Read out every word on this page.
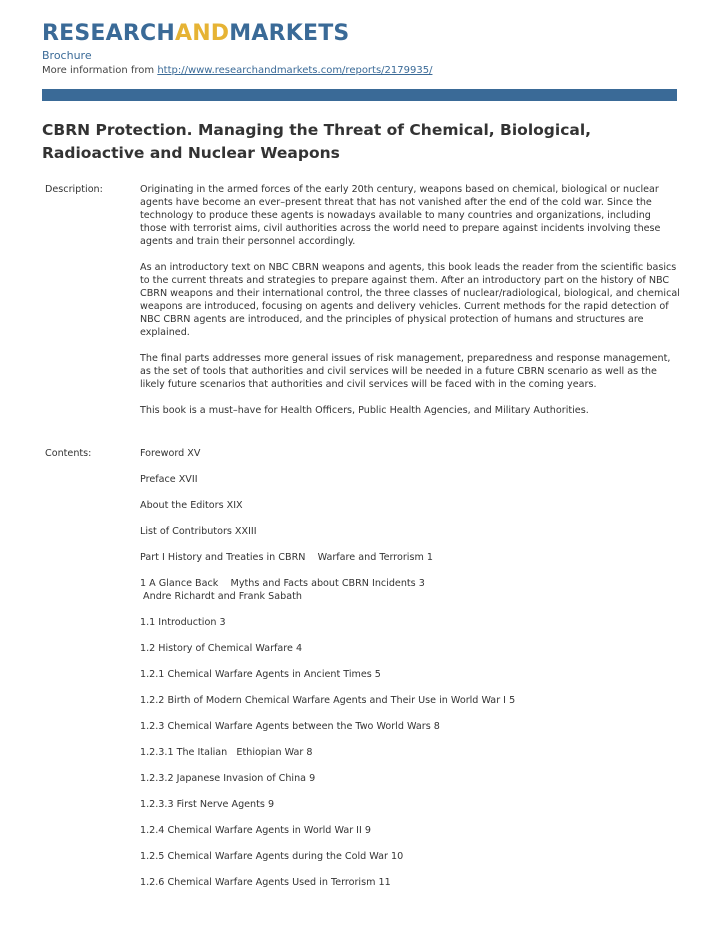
RESEARCHANDMARKETS
Brochure
More information from http://www.researchandmarkets.com/reports/2179935/
CBRN Protection. Managing the Threat of Chemical, Biological, Radioactive and Nuclear Weapons
Description:	Originating in the armed forces of the early 20th century, weapons based on chemical, biological or nuclear agents have become an ever–present threat that has not vanished after the end of the cold war. Since the technology to produce these agents is nowadays available to many countries and organizations, including those with terrorist aims, civil authorities across the world need to prepare against incidents involving these agents and train their personnel accordingly.

As an introductory text on NBC CBRN weapons and agents, this book leads the reader from the scientific basics to the current threats and strategies to prepare against them. After an introductory part on the history of NBC CBRN weapons and their international control, the three classes of nuclear/radiological, biological, and chemical weapons are introduced, focusing on agents and delivery vehicles. Current methods for the rapid detection of NBC CBRN agents are introduced, and the principles of physical protection of humans and structures are explained.

The final parts addresses more general issues of risk management, preparedness and response management, as the set of tools that authorities and civil services will be needed in a future CBRN scenario as well as the likely future scenarios that authorities and civil services will be faced with in the coming years.

This book is a must–have for Health Officers, Public Health Agencies, and Military Authorities.

Contents:	Foreword XV
Preface XVII
About the Editors XIX
List of Contributors XXIII
Part I History and Treaties in CBRN    Warfare and Terrorism 1
1 A Glance Back    Myths and Facts about CBRN Incidents 3
Andre Richardt and Frank Sabath
1.1 Introduction 3
1.2 History of Chemical Warfare 4
1.2.1 Chemical Warfare Agents in Ancient Times 5
1.2.2 Birth of Modern Chemical Warfare Agents and Their Use in World War I 5
1.2.3 Chemical Warfare Agents between the Two World Wars 8
1.2.3.1 The Italian   Ethiopian War 8
1.2.3.2 Japanese Invasion of China 9
1.2.3.3 First Nerve Agents 9
1.2.4 Chemical Warfare Agents in World War II 9
1.2.5 Chemical Warfare Agents during the Cold War 10
1.2.6 Chemical Warfare Agents Used in Terrorism 11
